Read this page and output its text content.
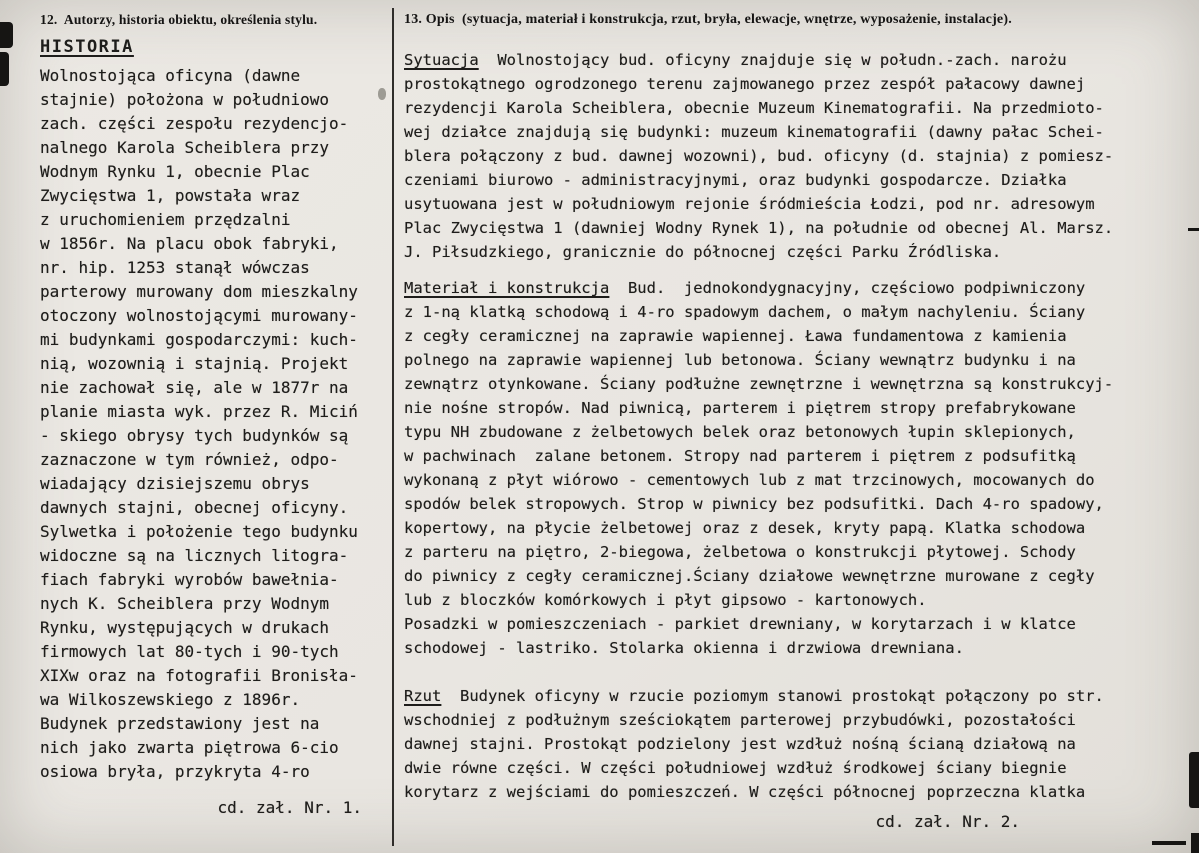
12.  Autorzy, historia obiektu, określenia stylu.
HISTORIA
Wolnostojąca oficyna (dawne
stajnie) położona w południowo
zach. części zespołu rezydencjo-
nalnego Karola Scheiblera przy
Wodnym Rynku 1, obecnie Plac
Zwycięstwa 1, powstała wraz
z uruchomieniem przędzalni
w 1856r. Na placu obok fabryki,
nr. hip. 1253 stanął wówczas
parterowy murowany dom mieszkalny
otoczony wolnostojącymi murowany-
mi budynkami gospodarczymi: kuch-
nią, wozownią i stajnią. Projekt
nie zachował się, ale w 1877r na
planie miasta wyk. przez R. Miciń
- skiego obrysy tych budynków są
zaznaczone w tym również, odpo-
wiadający dzisiejszemu obrys
dawnych stajni, obecnej oficyny.
Sylwetka i położenie tego budynku
widoczne są na licznych litogra-
fiach fabryki wyrobów bawełnia-
nych K. Scheiblera przy Wodnym
Rynku, występujących w drukach
firmowych lat 80-tych i 90-tych
XIXw oraz na fotografii Bronisła-
wa Wilkoszewskiego z 1896r.
Budynek przedstawiony jest na
nich jako zwarta piętrowa 6-cio
osiowa bryła, przykryta 4-ro
cd. zał. Nr. 1.
13. Opis  (sytuacja, materiał i konstrukcja, rzut, bryła, elewacje, wnętrze, wyposażenie, instalacje).
Sytuacja  Wolnostojący bud. oficyny znajduje się w połudn.-zach. narożu
prostokątnego ogrodzonego terenu zajmowanego przez zespół pałacowy dawnej
rezydencji Karola Scheiblera, obecnie Muzeum Kinematografii. Na przedmioto-
wej działce znajdują się budynki: muzeum kinematografii (dawny pałac Schei-
blera połączony z bud. dawnej wozowni), bud. oficyny (d. stajnia) z pomiesz-
czeniami biurowo - administracyjnymi, oraz budynki gospodarcze. Działka
usytuowana jest w południowym rejonie śródmieścia Łodzi, pod nr. adresowym
Plac Zwycięstwa 1 (dawniej Wodny Rynek 1), na południe od obecnej Al. Marsz.
J. Piłsudzkiego, granicznie do północnej części Parku Źródliska.
Materiał i konstrukcja  Bud.  jednokondygnacyjny, częściowo podpiwniczony
z 1-ną klatką schodową i 4-ro spadowym dachem, o małym nachyleniu. Ściany
z cegły ceramicznej na zaprawie wapiennej. Ława fundamentowa z kamienia
polnego na zaprawie wapiennej lub betonowa. Ściany wewnątrz budynku i na
zewnątrz otynkowane. Ściany podłużne zewnętrzne i wewnętrzna są konstrukcyj-
nie nośne stropów. Nad piwnicą, parterem i piętrem stropy prefabrykowane
typu NH zbudowane z żelbetowych belek oraz betonowych łupin sklepionych,
w pachwinach  zalane betonem. Stropy nad parterem i piętrem z podsufitką
wykonaną z płyt wiórowo - cementowych lub z mat trzcinowych, mocowanych do
spodów belek stropowych. Strop w piwnicy bez podsufitki. Dach 4-ro spadowy,
kopertowy, na płycie żelbetowej oraz z desek, kryty papą. Klatka schodowa
z parteru na piętro, 2-biegowa, żelbetowa o konstrukcji płytowej. Schody
do piwnicy z cegły ceramicznej.Ściany działowe wewnętrzne murowane z cegły
lub z bloczków komórkowych i płyt gipsowo - kartonowych.
Posadzki w pomieszczeniach - parkiet drewniany, w korytarzach i w klatce
schodowej - lastriko. Stolarka okienna i drzwiowa drewniana.
Rzut  Budynek oficyny w rzucie poziomym stanowi prostokąt połączony po str.
wschodniej z podłużnym sześciokątem parterowej przybudówki, pozostałości
dawnej stajni. Prostokąt podzielony jest wzdłuż nośną ścianą działową na
dwie równe części. W części południowej wzdłuż środkowej ściany biegnie
korytarz z wejściami do pomieszczeń. W części północnej poprzeczna klatka
cd. zał. Nr. 2.
